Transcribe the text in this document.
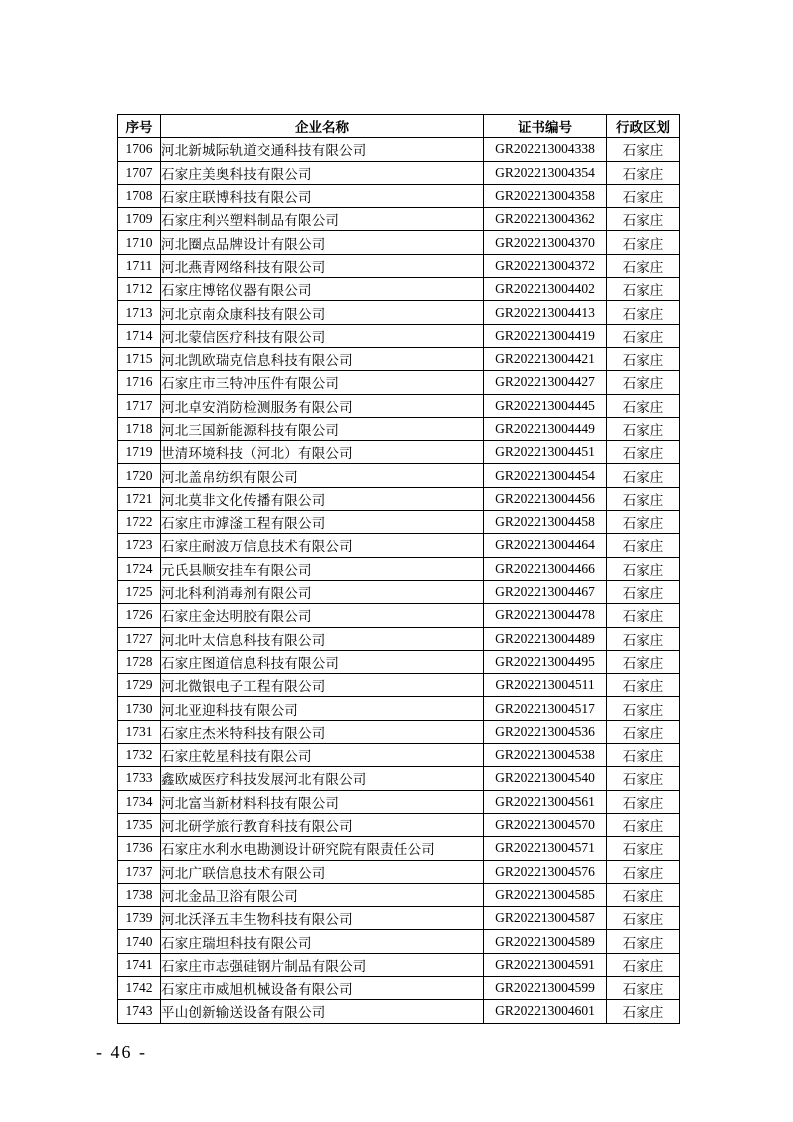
序号	企业名称	证书编号	行政区划
1706	河北新城际轨道交通科技有限公司	GR202213004338	石家庄
1707	石家庄美奥科技有限公司	GR202213004354	石家庄
1708	石家庄联博科技有限公司	GR202213004358	石家庄
1709	石家庄利兴塑料制品有限公司	GR202213004362	石家庄
1710	河北圈点品牌设计有限公司	GR202213004370	石家庄
1711	河北燕青网络科技有限公司	GR202213004372	石家庄
1712	石家庄博铭仪器有限公司	GR202213004402	石家庄
1713	河北京南众康科技有限公司	GR202213004413	石家庄
1714	河北蒙信医疗科技有限公司	GR202213004419	石家庄
1715	河北凯欧瑞克信息科技有限公司	GR202213004421	石家庄
1716	石家庄市三特冲压件有限公司	GR202213004427	石家庄
1717	河北卓安消防检测服务有限公司	GR202213004445	石家庄
1718	河北三国新能源科技有限公司	GR202213004449	石家庄
1719	世清环境科技（河北）有限公司	GR202213004451	石家庄
1720	河北盖帛纺织有限公司	GR202213004454	石家庄
1721	河北莫非文化传播有限公司	GR202213004456	石家庄
1722	石家庄市滹滏工程有限公司	GR202213004458	石家庄
1723	石家庄耐波万信息技术有限公司	GR202213004464	石家庄
1724	元氏县顺安挂车有限公司	GR202213004466	石家庄
1725	河北科利消毒剂有限公司	GR202213004467	石家庄
1726	石家庄金达明胶有限公司	GR202213004478	石家庄
1727	河北叶太信息科技有限公司	GR202213004489	石家庄
1728	石家庄图道信息科技有限公司	GR202213004495	石家庄
1729	河北微银电子工程有限公司	GR202213004511	石家庄
1730	河北亚迎科技有限公司	GR202213004517	石家庄
1731	石家庄杰米特科技有限公司	GR202213004536	石家庄
1732	石家庄乾星科技有限公司	GR202213004538	石家庄
1733	鑫欧威医疗科技发展河北有限公司	GR202213004540	石家庄
1734	河北富当新材料科技有限公司	GR202213004561	石家庄
1735	河北研学旅行教育科技有限公司	GR202213004570	石家庄
1736	石家庄水利水电勘测设计研究院有限责任公司	GR202213004571	石家庄
1737	河北广联信息技术有限公司	GR202213004576	石家庄
1738	河北金品卫浴有限公司	GR202213004585	石家庄
1739	河北沃泽五丰生物科技有限公司	GR202213004587	石家庄
1740	石家庄瑞坦科技有限公司	GR202213004589	石家庄
1741	石家庄市志强硅钢片制品有限公司	GR202213004591	石家庄
1742	石家庄市威旭机械设备有限公司	GR202213004599	石家庄
1743	平山创新输送设备有限公司	GR202213004601	石家庄
- 46 -
